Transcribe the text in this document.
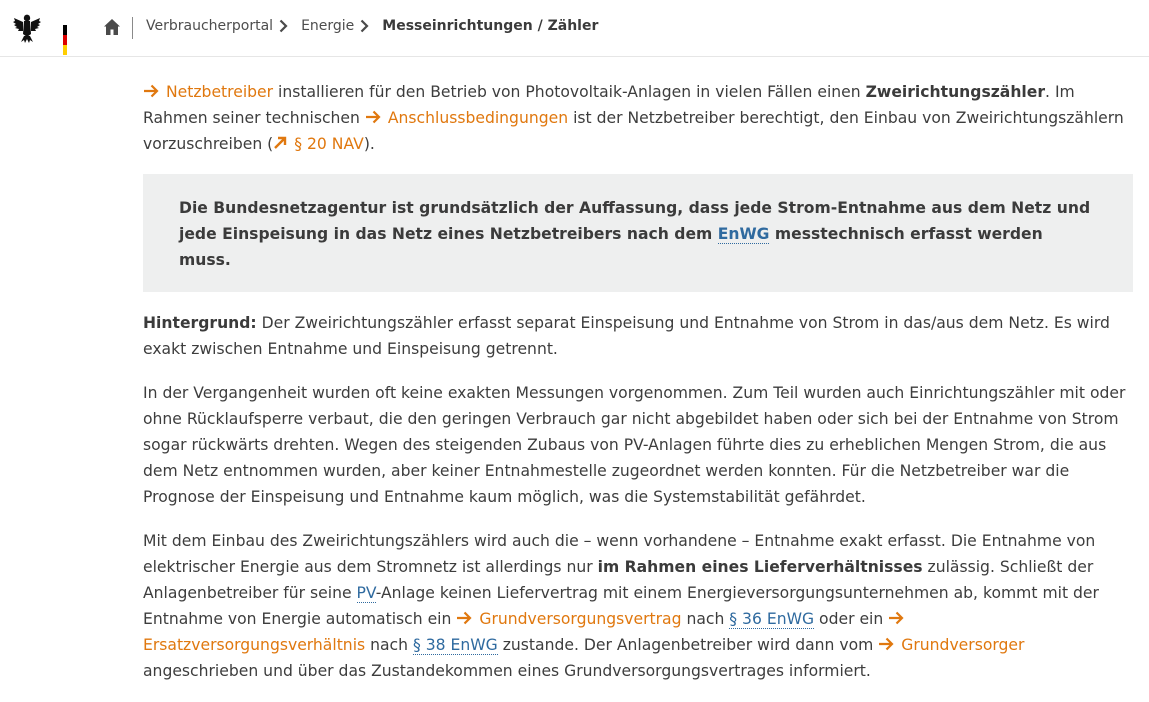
Verbraucherportal Energie Messeinrichtungen / Zähler

Netzbetreiber installieren für den Betrieb von Photovoltaik-Anlagen in vielen Fällen einen Zweirichtungszähler. Im Rahmen seiner technischen Anschlussbedingungen ist der Netzbetreiber berechtigt, den Einbau von Zweirichtungszählern vorzuschreiben ( § 20 NAV).

Die Bundesnetzagentur ist grundsätzlich der Auffassung, dass jede Strom-Entnahme aus dem Netz und jede Einspeisung in das Netz eines Netzbetreibers nach dem EnWG messtechnisch erfasst werden muss.

Hintergrund: Der Zweirichtungszähler erfasst separat Einspeisung und Entnahme von Strom in das/aus dem Netz. Es wird exakt zwischen Entnahme und Einspeisung getrennt.

In der Vergangenheit wurden oft keine exakten Messungen vorgenommen. Zum Teil wurden auch Einrichtungszähler mit oder ohne Rücklaufsperre verbaut, die den geringen Verbrauch gar nicht abgebildet haben oder sich bei der Entnahme von Strom sogar rückwärts drehten. Wegen des steigenden Zubaus von PV-Anlagen führte dies zu erheblichen Mengen Strom, die aus dem Netz entnommen wurden, aber keiner Entnahmestelle zugeordnet werden konnten. Für die Netzbetreiber war die Prognose der Einspeisung und Entnahme kaum möglich, was die Systemstabilität gefährdet.

Mit dem Einbau des Zweirichtungszählers wird auch die – wenn vorhandene – Entnahme exakt erfasst. Die Entnahme von elektrischer Energie aus dem Stromnetz ist allerdings nur im Rahmen eines Lieferverhältnisses zulässig. Schließt der Anlagenbetreiber für seine PV-Anlage keinen Liefervertrag mit einem Energieversorgungsunternehmen ab, kommt mit der Entnahme von Energie automatisch ein Grundversorgungsvertrag nach § 36 EnWG oder ein Ersatzversorgungsverhältnis nach § 38 EnWG zustande. Der Anlagenbetreiber wird dann vom Grundversorger angeschrieben und über das Zustandekommen eines Grundversorgungsvertrages informiert.
